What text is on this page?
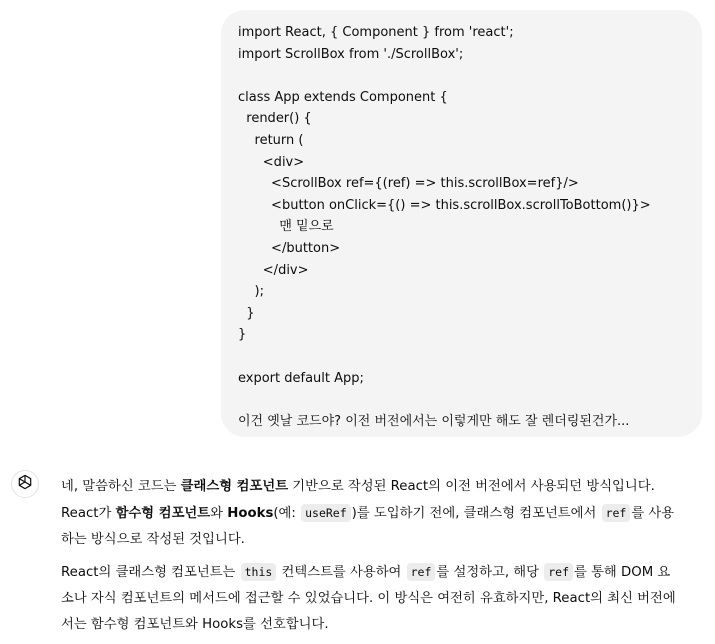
import React, { Component } from 'react';
import ScrollBox from './ScrollBox';
class App extends Component {
render() {
return (
<div>
<ScrollBox ref={(ref) => this.scrollBox=ref}/>
<button onClick={() => this.scrollBox.scrollToBottom()}>
맨 밑으로
</button>
</div>
);
}
}
export default App;
이건 옛날 코드야? 이전 버전에서는 이렇게만 해도 잘 렌더링된건가...

네, 말씀하신 코드는 클래스형 컴포넌트 기반으로 작성된 React의 이전 버전에서 사용되던 방식입니다. React가 함수형 컴포넌트와 Hooks(예: useRef )를 도입하기 전에, 클래스형 컴포넌트에서 ref 를 사용하는 방식으로 작성된 것입니다.

React의 클래스형 컴포넌트는 this 컨텍스트를 사용하여 ref 를 설정하고, 해당 ref 를 통해 DOM 요소나 자식 컴포넌트의 메서드에 접근할 수 있었습니다. 이 방식은 여전히 유효하지만, React의 최신 버전에서는 함수형 컴포넌트와 Hooks를 선호합니다.
